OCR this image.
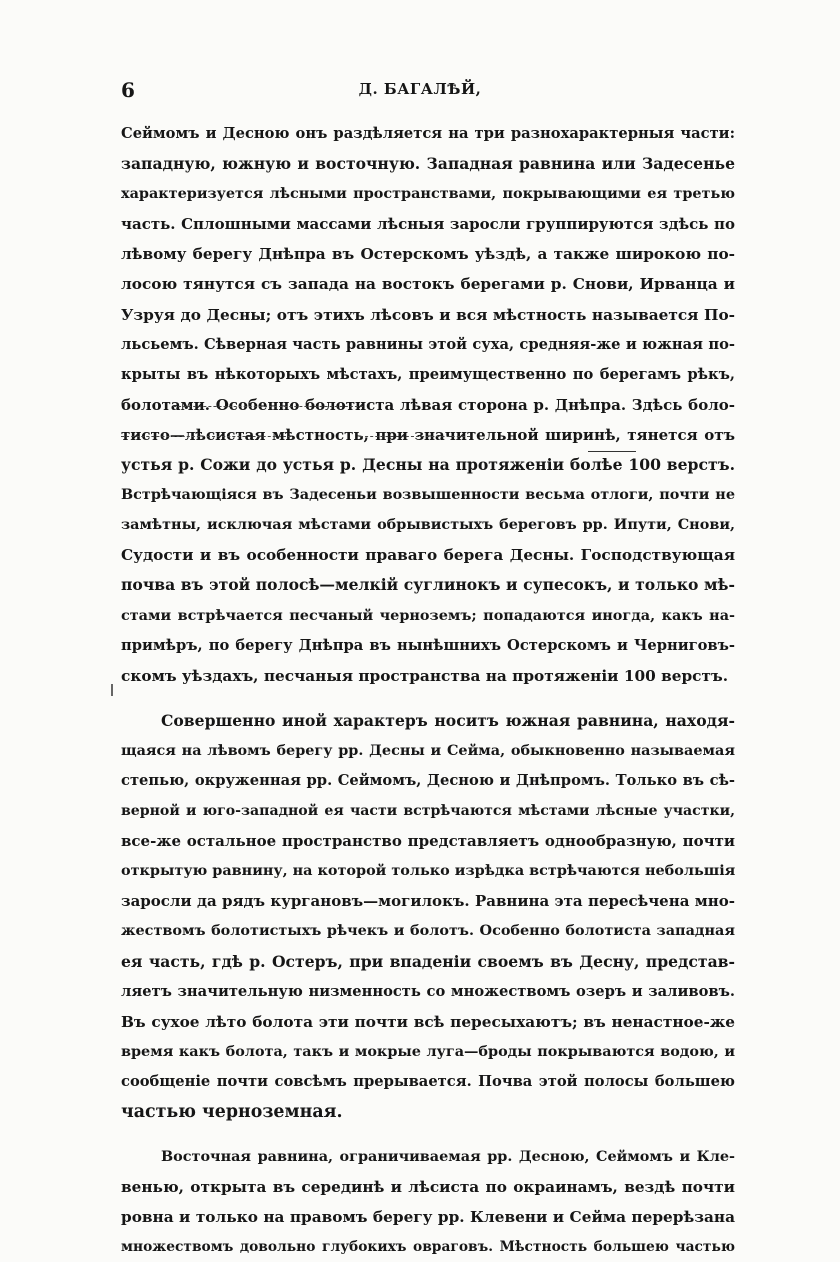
6	Д. БАГАЛѢЙ,
Сеймомъ и Десною онъ раздѣляется на три разнохарактерныя части:
западную, южную и восточную. Западная равнина или Задесенье
характеризуется лѣсными пространствами, покрывающими ея третью
часть. Сплошными массами лѣсныя заросли группируются здѣсь по
лѣвому берегу Днѣпра въ Остерскомъ уѣздѣ, а также широкою по-
лосою тянутся съ запада на востокъ берегами р. Снови, Ирванца и
Узруя до Десны; отъ этихъ лѣсовъ и вся мѣстность называется По-
льсьемъ. Сѣверная часть равнины этой суха, средняя-же и южная по-
крыты въ нѣкоторыхъ мѣстахъ, преимущественно по берегамъ рѣкъ,
болотами. Особенно болотиста лѣвая сторона р. Днѣпра. Здѣсь боло-
тисто—лѣсистая мѣстность, при значительной ширинѣ, тянется отъ
устья р. Сожи до устья р. Десны на протяженіи болѣе 100 верстъ.
Встрѣчающіяся въ Задесеньи возвышенности весьма отлоги, почти не
замѣтны, исключая мѣстами обрывистыхъ береговъ рр. Ипути, Снови,
Судости и въ особенности праваго берега Десны. Господствующая
почва въ этой полосѣ—мелкій суглинокъ и супесокъ, и только мѣ-
стами встрѣчается песчаный черноземъ; попадаются иногда, какъ на-
примѣръ, по берегу Днѣпра въ нынѣшнихъ Остерскомъ и Черниговъ-
скомъ уѣздахъ, песчаныя пространства на протяженіи 100 верстъ.
Совершенно иной характеръ носитъ южная равнина, находя-
щаяся на лѣвомъ берегу рр. Десны и Сейма, обыкновенно называемая
степью, окруженная рр. Сеймомъ, Десною и Днѣпромъ. Только въ сѣ-
верной и юго-западной ея части встрѣчаются мѣстами лѣсные участки,
все-же остальное пространство представляетъ однообразную, почти
открытую равнину, на которой только изрѣдка встрѣчаются небольшія
заросли да рядъ кургановъ—могилокъ. Равнина эта пересѣчена мно-
жествомъ болотистыхъ рѣчекъ и болотъ. Особенно болотиста западная
ея часть, гдѣ р. Остеръ, при впаденіи своемъ въ Десну, представ-
ляетъ значительную низменность со множествомъ озеръ и заливовъ.
Въ сухое лѣто болота эти почти всѣ пересыхаютъ; въ ненастное-же
время какъ болота, такъ и мокрые луга—броды покрываются водою, и
сообщеніе почти совсѣмъ прерывается. Почва этой полосы большею
частью черноземная.
Восточная равнина, ограничиваемая рр. Десною, Сеймомъ и Кле-
венью, открыта въ серединѣ и лѣсиста по окраинамъ, вездѣ почти
ровна и только на правомъ берегу рр. Клевени и Сейма перерѣзана
множествомъ довольно глубокихъ овраговъ. Мѣстность большею частью
